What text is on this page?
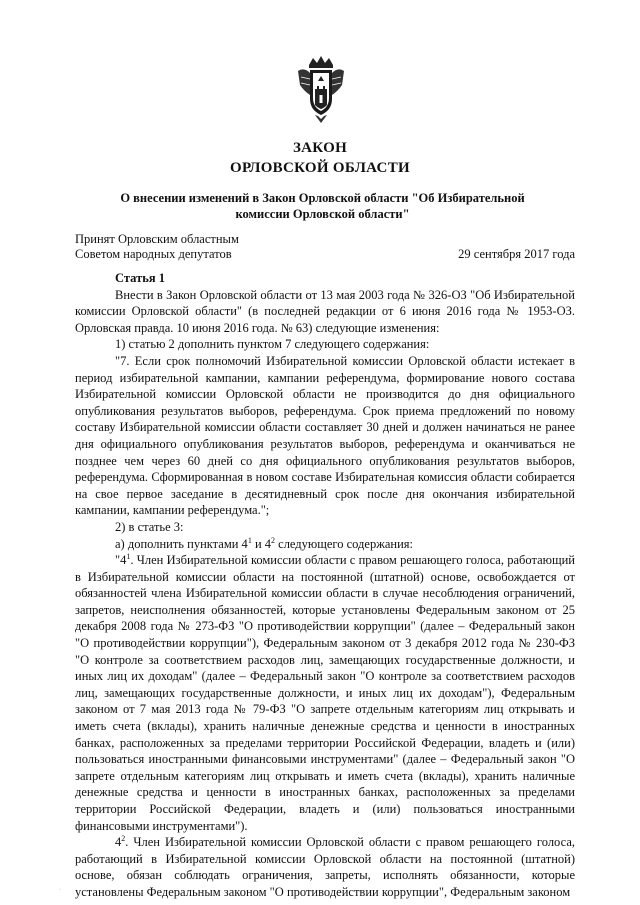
ЗАКОН
ОРЛОВСКОЙ ОБЛАСТИ
О внесении изменений в Закон Орловской области "Об Избирательной комиссии Орловской области"
Принят Орловским областным
Советом народных депутатов	29 сентября 2017 года

Статья 1

Внести в Закон Орловской области от 13 мая 2003 года № 326-ОЗ "Об Избирательной комиссии Орловской области" (в последней редакции от 6 июня 2016 года № 1953-ОЗ. Орловская правда. 10 июня 2016 года. № 63) следующие изменения:

1) статью 2 дополнить пунктом 7 следующего содержания:

"7. Если срок полномочий Избирательной комиссии Орловской области истекает в период избирательной кампании, кампании референдума, формирование нового состава Избирательной комиссии Орловской области не производится до дня официального опубликования результатов выборов, референдума. Срок приема предложений по новому составу Избирательной комиссии области составляет 30 дней и должен начинаться не ранее дня официального опубликования результатов выборов, референдума и оканчиваться не позднее чем через 60 дней со дня официального опубликования результатов выборов, референдума. Сформированная в новом составе Избирательная комиссия области собирается на свое первое заседание в десятидневный срок после дня окончания избирательной кампании, кампании референдума.";

2) в статье 3:

а) дополнить пунктами $4^1$ и $4^2$ следующего содержания:

"$4^1$. Член Избирательной комиссии области с правом решающего голоса, работающий в Избирательной комиссии области на постоянной (штатной) основе, освобождается от обязанностей члена Избирательной комиссии области в случае несоблюдения ограничений, запретов, неисполнения обязанностей, которые установлены Федеральным законом от 25 декабря 2008 года № 273-ФЗ "О противодействии коррупции" (далее – Федеральный закон "О противодействии коррупции"), Федеральным законом от 3 декабря 2012 года № 230-ФЗ "О контроле за соответствием расходов лиц, замещающих государственные должности, и иных лиц их доходам" (далее – Федеральный закон "О контроле за соответствием расходов лиц, замещающих государственные должности, и иных лиц их доходам"), Федеральным законом от 7 мая 2013 года № 79-ФЗ "О запрете отдельным категориям лиц открывать и иметь счета (вклады), хранить наличные денежные средства и ценности в иностранных банках, расположенных за пределами территории Российской Федерации, владеть и (или) пользоваться иностранными финансовыми инструментами" (далее – Федеральный закон "О запрете отдельным категориям лиц открывать и иметь счета (вклады), хранить наличные денежные средства и ценности в иностранных банках, расположенных за пределами территории Российской Федерации, владеть и (или) пользоваться иностранными финансовыми инструментами").

$4^2$. Член Избирательной комиссии Орловской области с правом решающего голоса, работающий в Избирательной комиссии Орловской области на постоянной (штатной) основе, обязан соблюдать ограничения, запреты, исполнять обязанности, которые установлены Федеральным законом "О противодействии коррупции", Федеральным законом

·
